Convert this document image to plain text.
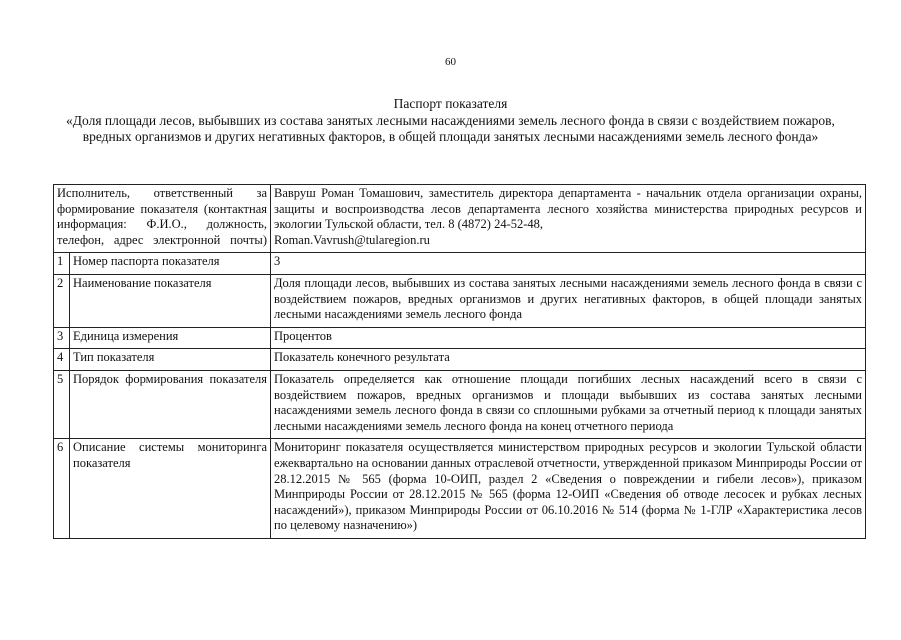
60
Паспорт показателя
«Доля площади лесов, выбывших из состава занятых лесными насаждениями земель лесного фонда в связи с воздействием пожаров, вредных организмов и других негативных факторов, в общей площади занятых лесными насаждениями земель лесного фонда»
Исполнитель, ответственный за формирование показателя (контактная информация: Ф.И.О., должность, телефон, адрес электронной почты)		Вавруш Роман Томашович, заместитель директора департамента - начальник отдела организации охраны, защиты и воспроизводства лесов департамента лесного хозяйства министерства природных ресурсов и экологии Тульской области, тел. 8 (4872) 24-52-48,
Roman.Vavrush@tularegion.ru

1	Номер паспорта показателя	3
2	Наименование показателя	Доля площади лесов, выбывших из состава занятых лесными насаждениями земель лесного фонда в связи с воздействием пожаров, вредных организмов и других негативных факторов, в общей площади занятых лесными насаждениями земель лесного фонда
3	Единица измерения	Процентов
4	Тип показателя	Показатель конечного результата
5	Порядок формирования показателя	Показатель определяется как отношение площади погибших лесных насаждений всего в связи с воздействием пожаров, вредных организмов и площади выбывших из состава занятых лесными насаждениями земель лесного фонда в связи со сплошными рубками за отчетный период к площади занятых лесными насаждениями земель лесного фонда на конец отчетного периода
6	Описание системы мониторинга показателя	Мониторинг показателя осуществляется министерством природных ресурсов и экологии Тульской области ежеквартально на основании данных отраслевой отчетности, утвержденной приказом Минприроды России от 28.12.2015 № 565 (форма 10-ОИП, раздел 2 «Сведения о повреждении и гибели лесов»), приказом Минприроды России от 28.12.2015 № 565 (форма 12-ОИП «Сведения об отводе лесосек и рубках лесных насаждений»), приказом Минприроды России от 06.10.2016 № 514 (форма № 1-ГЛР «Характеристика лесов по целевому назначению»)
